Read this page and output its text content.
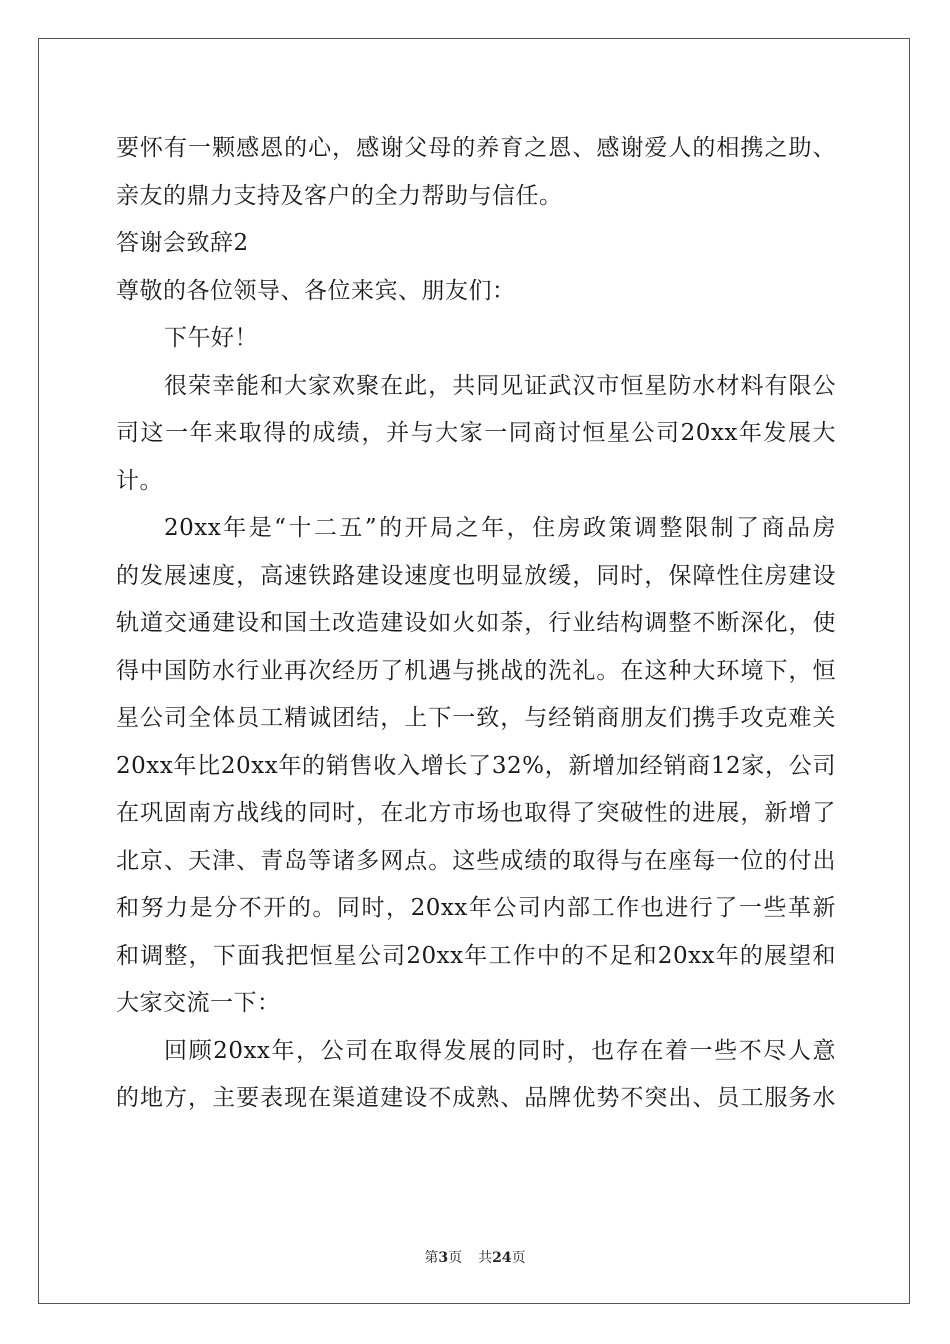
要怀有一颗感恩的心，感谢父母的养育之恩、感谢爱人的相携之助、
亲友的鼎力支持及客户的全力帮助与信任。
答谢会致辞2
尊敬的各位领导、各位来宾、朋友们：
下午好！
很荣幸能和大家欢聚在此，共同见证武汉市恒星防水材料有限公
司这一年来取得的成绩，并与大家一同商讨恒星公司20xx年发展大
计。
20xx年是“十二五”的开局之年，住房政策调整限制了商品房
的发展速度，高速铁路建设速度也明显放缓，同时，保障性住房建设
轨道交通建设和国土改造建设如火如荼，行业结构调整不断深化，使
得中国防水行业再次经历了机遇与挑战的洗礼。在这种大环境下，恒
星公司全体员工精诚团结，上下一致，与经销商朋友们携手攻克难关
20xx年比20xx年的销售收入增长了32%，新增加经销商12家，公司
在巩固南方战线的同时，在北方市场也取得了突破性的进展，新增了
北京、天津、青岛等诸多网点。这些成绩的取得与在座每一位的付出
和努力是分不开的。同时，20xx年公司内部工作也进行了一些革新
和调整，下面我把恒星公司20xx年工作中的不足和20xx年的展望和
大家交流一下：
回顾20xx年，公司在取得发展的同时，也存在着一些不尽人意
的地方，主要表现在渠道建设不成熟、品牌优势不突出、员工服务水
第3页 共24页
